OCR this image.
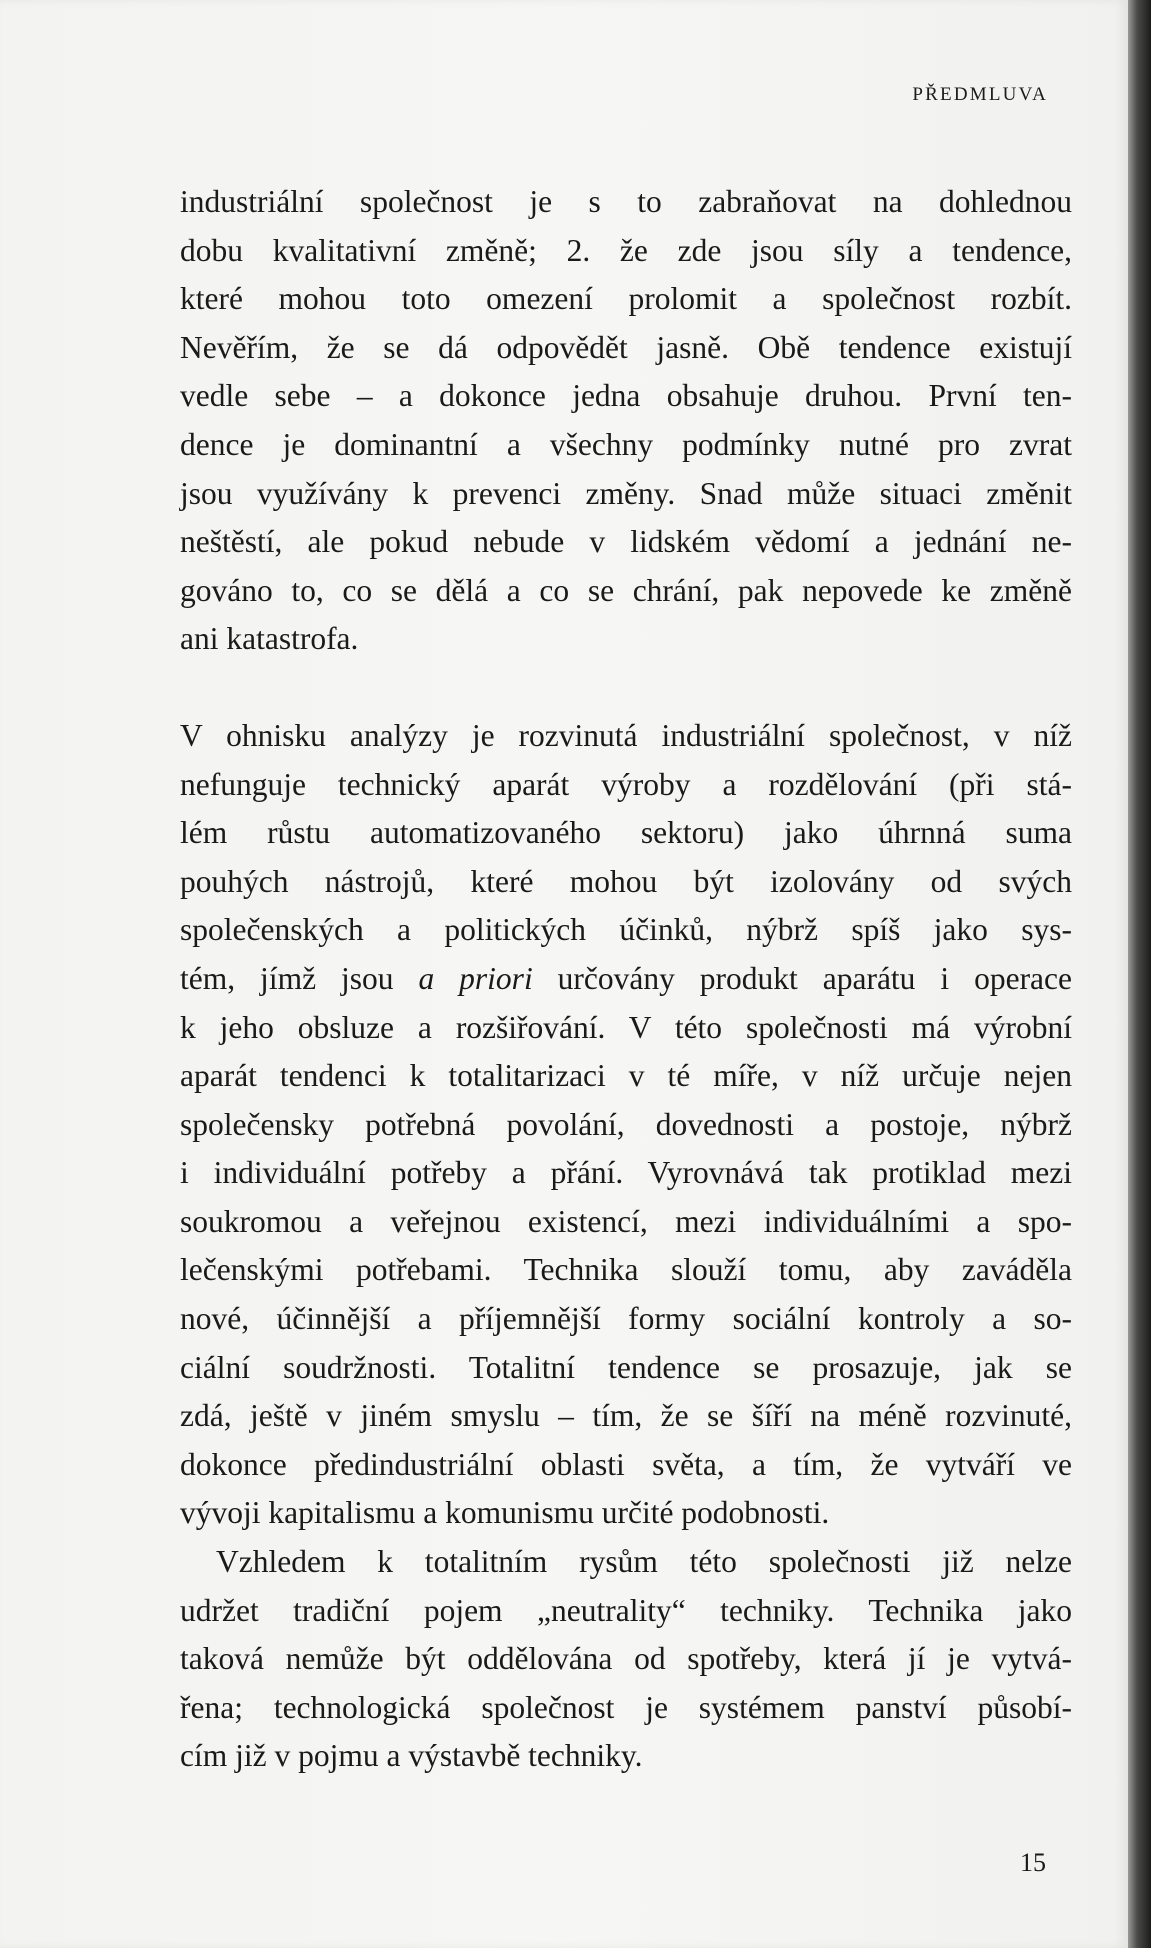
PŘEDMLUVA

industriální společnost je s to zabraňovat na dohlednou
dobu kvalitativní změně; 2. že zde jsou síly a tendence,
které mohou toto omezení prolomit a společnost rozbít.
Nevěřím, že se dá odpovědět jasně. Obě tendence existují
vedle sebe – a dokonce jedna obsahuje druhou. První ten-
dence je dominantní a všechny podmínky nutné pro zvrat
jsou využívány k prevenci změny. Snad může situaci změnit
neštěstí, ale pokud nebude v lidském vědomí a jednání ne-
gováno to, co se dělá a co se chrání, pak nepovede ke změně
ani katastrofa.

V ohnisku analýzy je rozvinutá industriální společnost, v níž
nefunguje technický aparát výroby a rozdělování (při stá-
lém růstu automatizovaného sektoru) jako úhrnná suma
pouhých nástrojů, které mohou být izolovány od svých
společenských a politických účinků, nýbrž spíš jako sys-
tém, jímž jsou a priori určovány produkt aparátu i operace
k jeho obsluze a rozšiřování. V této společnosti má výrobní
aparát tendenci k totalitarizaci v té míře, v níž určuje nejen
společensky potřebná povolání, dovednosti a postoje, nýbrž
i individuální potřeby a přání. Vyrovnává tak protiklad mezi
soukromou a veřejnou existencí, mezi individuálními a spo-
lečenskými potřebami. Technika slouží tomu, aby zaváděla
nové, účinnější a příjemnější formy sociální kontroly a so-
ciální soudržnosti. Totalitní tendence se prosazuje, jak se
zdá, ještě v jiném smyslu – tím, že se šíří na méně rozvinuté,
dokonce předindustriální oblasti světa, a tím, že vytváří ve
vývoji kapitalismu a komunismu určité podobnosti.

Vzhledem k totalitním rysům této společnosti již nelze
udržet tradiční pojem „neutrality“ techniky. Technika jako
taková nemůže být oddělována od spotřeby, která jí je vytvá-
řena; technologická společnost je systémem panství působí-
cím již v pojmu a výstavbě techniky.

15
